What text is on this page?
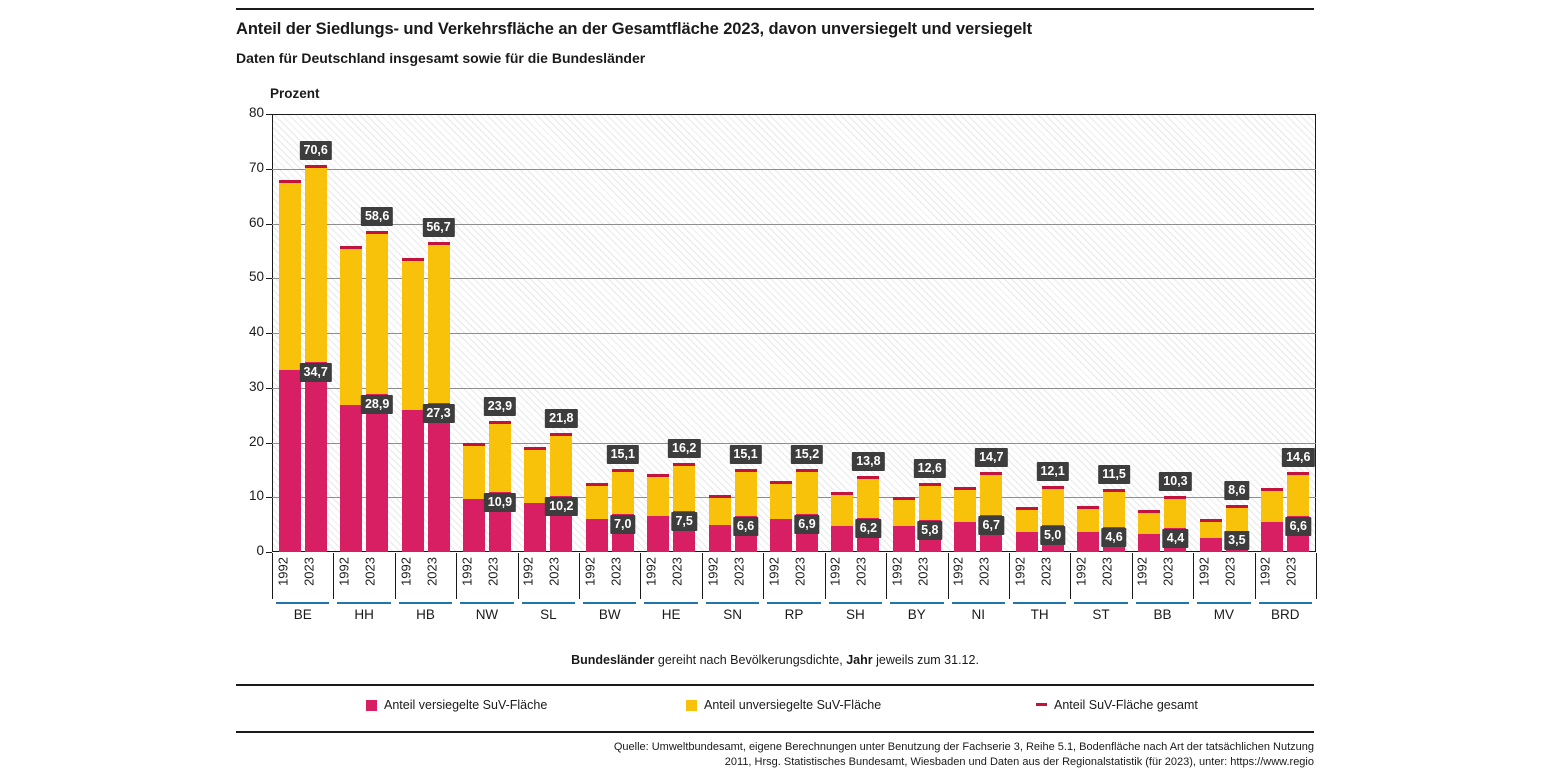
Anteil der Siedlungs- und Verkehrsfläche an der Gesamtfläche 2023, davon unversiegelt und versiegelt
Daten für Deutschland insgesamt sowie für die Bundesländer
Prozent
0
10
20
30
40
50
60
70
80
70,6
34,7
58,6
28,9
56,7
27,3	23,9
10,9
21,8
10,2
15,1
7,0
16,2
7,5
15,1
6,6
15,2
6,9
13,8
6,2
12,6
5,8
14,7
6,7
12,1
5,0
11,5
4,6
10,3
4,4
8,6
3,5
14,6
6,6
1992 2023
BE
1992 2023
HH
1992 2023
HB
1992 2023
NW
1992 2023
SL
1992 2023
BW
1992 2023
HE
1992 2023
SN
1992 2023
RP
1992 2023
SH
1992 2023
BY
1992 2023
NI
1992 2023
TH
1992 2023
ST
1992 2023
BB
1992 2023
MV
1992 2023
BRD
Bundesländer gereiht nach Bevölkerungsdichte, Jahr jeweils zum 31.12.
Anteil versiegelte SuV-Fläche	Anteil unversiegelte SuV-Fläche	Anteil SuV-Fläche gesamt
Quelle: Umweltbundesamt, eigene Berechnungen unter Benutzung der Fachserie 3, Reihe 5.1, Bodenfläche nach Art der tatsächlichen Nutzung
2011, Hrsg. Statistisches Bundesamt, Wiesbaden und Daten aus der Regionalstatistik (für 2023), unter: https://www.regio
